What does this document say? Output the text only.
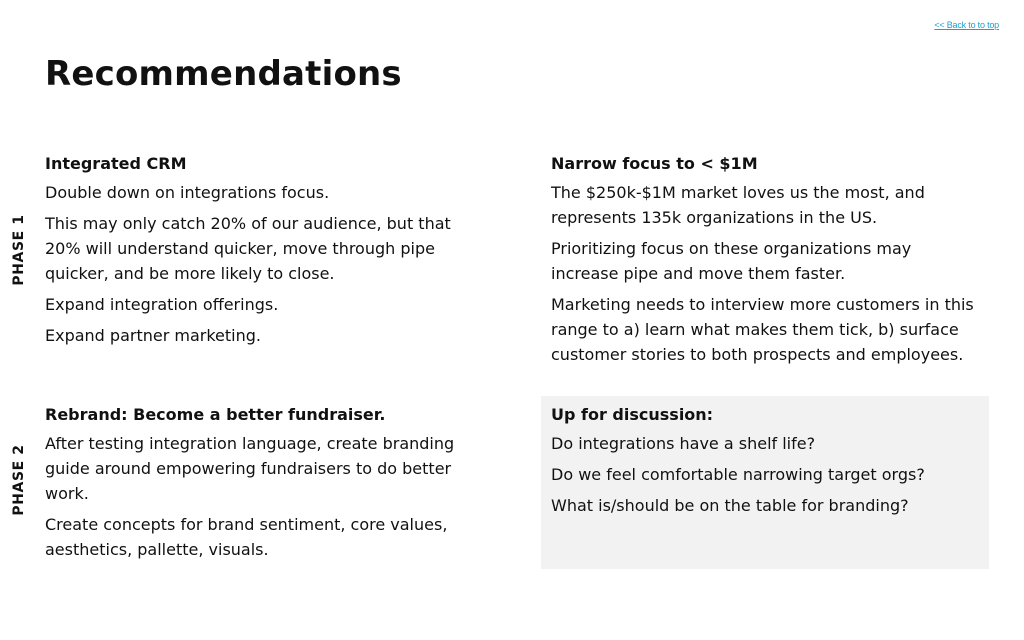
<< Back to to top
Recommendations
PHASE 1
PHASE 2
Integrated CRM

Double down on integrations focus.

This may only catch 20% of our audience, but that 20% will understand quicker, move through pipe quicker, and be more likely to close.

Expand integration offerings.

Expand partner marketing.

Narrow focus to < $1M

The $250k-$1M market loves us the most, and represents 135k organizations in the US.

Prioritizing focus on these organizations may increase pipe and move them faster.

Marketing needs to interview more customers in this range to a) learn what makes them tick, b) surface customer stories to both prospects and employees.

Rebrand: Become a better fundraiser.

After testing integration language, create branding guide around empowering fundraisers to do better work.

Create concepts for brand sentiment, core values, aesthetics, pallette, visuals.

Up for discussion:

Do integrations have a shelf life?

Do we feel comfortable narrowing target orgs?

What is/should be on the table for branding?
